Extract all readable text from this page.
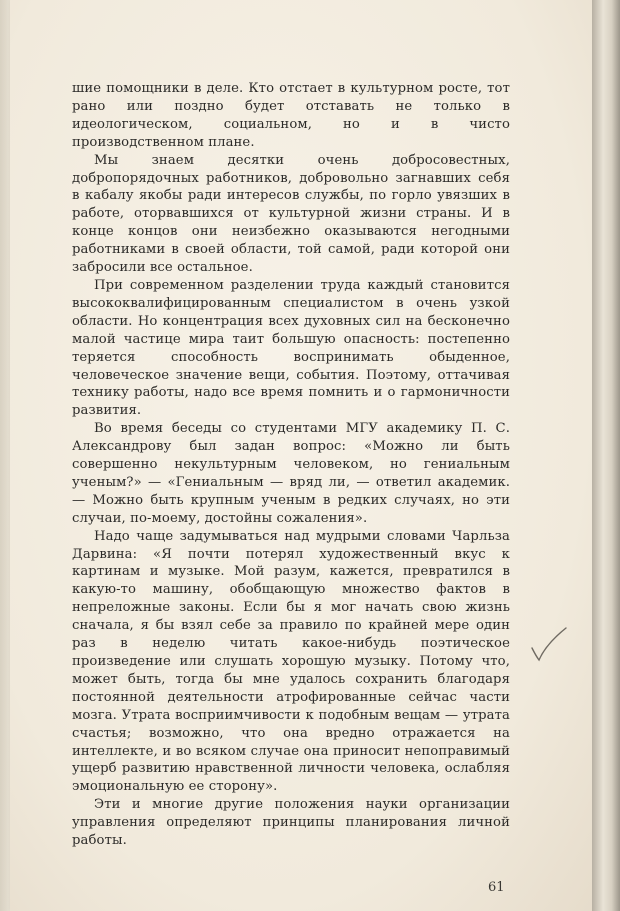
шие помощники в деле. Кто отстает в культурном росте, тот рано или поздно будет отставать не только в идеологическом, социальном, но и в чисто производственном плане.

Мы знаем десятки очень добросовестных, добропорядочных работников, добровольно загнавших себя в кабалу якобы ради интересов службы, по горло увязших в работе, оторвавшихся от культурной жизни страны. И в конце концов они неизбежно оказываются негодными работниками в своей области, той самой, ради которой они забросили все остальное.

При современном разделении труда каждый становится высококвалифицированным специалистом в очень узкой области. Но концентрация всех духовных сил на бесконечно малой частице мира таит большую опасность: постепенно теряется способность воспринимать обыденное, человеческое значение вещи, события. Поэтому, оттачивая технику работы, надо все время помнить и о гармоничности развития.

Во время беседы со студентами МГУ академику П. С. Александрову был задан вопрос: «Можно ли быть совершенно некультурным человеком, но гениальным ученым?» — «Гениальным — вряд ли, — ответил академик. — Можно быть крупным ученым в редких случаях, но эти случаи, по-моему, достойны сожаления».

Надо чаще задумываться над мудрыми словами Чарльза Дарвина: «Я почти потерял художественный вкус к картинам и музыке. Мой разум, кажется, превратился в какую-то машину, обобщающую множество фактов в непреложные законы. Если бы я мог начать свою жизнь сначала, я бы взял себе за правило по крайней мере один раз в неделю читать какое-нибудь поэтическое произведение или слушать хорошую музыку. Потому что, может быть, тогда бы мне удалось сохранить благодаря постоянной деятельности атрофированные сейчас части мозга. Утрата восприимчивости к подобным вещам — утрата счастья; возможно, что она вредно отражается на интеллекте, и во всяком случае она приносит непоправимый ущерб развитию нравственной личности человека, ослабляя эмоциональную ее сторону».

Эти и многие другие положения науки организации управления определяют принципы планирования личной работы.

61
